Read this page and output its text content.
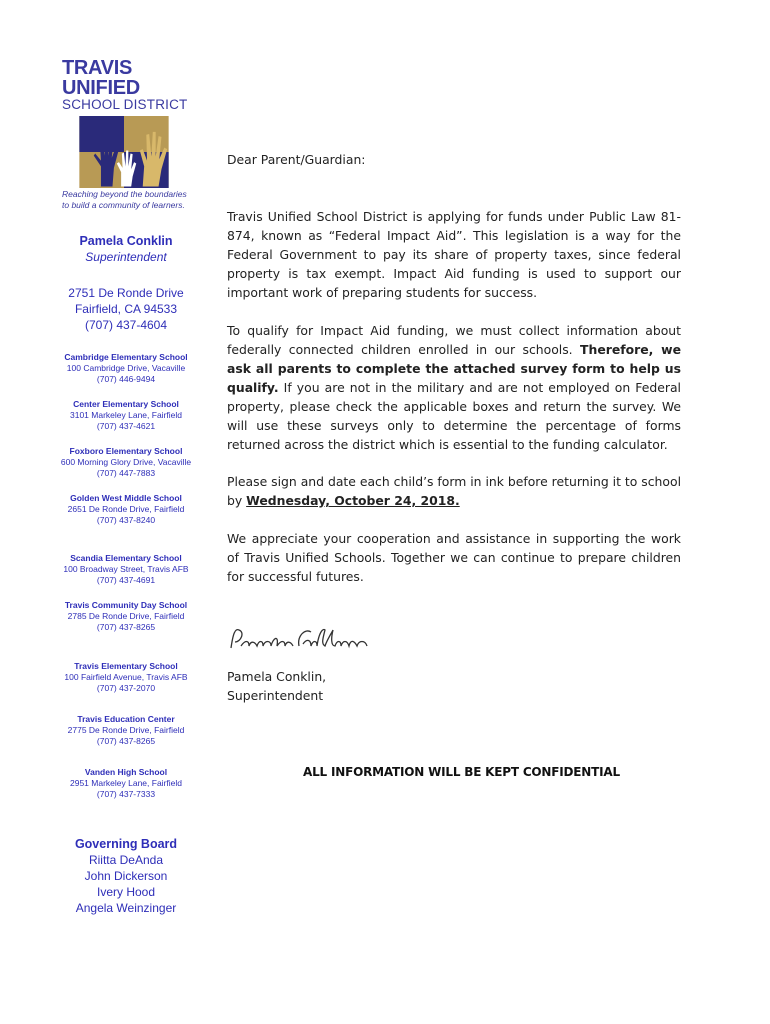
TRAVIS UNIFIED
SCHOOL DISTRICT
Reaching beyond the boundaries
to build a community of learners.
Pamela Conklin
Superintendent
2751 De Ronde Drive
Fairfield, CA 94533
(707) 437-4604
Cambridge Elementary School
100 Cambridge Drive, Vacaville
(707) 446-9494
Center Elementary School
3101 Markeley Lane, Fairfield
(707) 437-4621
Foxboro Elementary School
600 Morning Glory Drive, Vacaville
(707) 447-7883
Golden West Middle School
2651 De Ronde Drive, Fairfield
(707) 437-8240
Scandia Elementary School
100 Broadway Street, Travis AFB
(707) 437-4691
Travis Community Day School
2785 De Ronde Drive, Fairfield
(707) 437-8265
Travis Elementary School
100 Fairfield Avenue, Travis AFB
(707) 437-2070
Travis Education Center
2775 De Ronde Drive, Fairfield
(707) 437-8265
Vanden High School
2951 Markeley Lane, Fairfield
(707) 437-7333
Governing Board
Riitta DeAnda
John Dickerson
Ivery Hood
Angela Weinzinger

Dear Parent/Guardian:

Travis Unified School District is applying for funds under Public Law 81-874, known as “Federal Impact Aid”. This legislation is a way for the Federal Government to pay its share of property taxes, since federal property is tax exempt. Impact Aid funding is used to support our important work of preparing students for success.

To qualify for Impact Aid funding, we must collect information about federally connected children enrolled in our schools. Therefore, we ask all parents to complete the attached survey form to help us qualify. If you are not in the military and are not employed on Federal property, please check the applicable boxes and return the survey. We will use these surveys only to determine the percentage of forms returned across the district which is essential to the funding calculator.

Please sign and date each child’s form in ink before returning it to school by Wednesday, October 24, 2018.

We appreciate your cooperation and assistance in supporting the work of Travis Unified Schools. Together we can continue to prepare children for successful futures.

Pamela Conklin,
Superintendent
ALL INFORMATION WILL BE KEPT CONFIDENTIAL
